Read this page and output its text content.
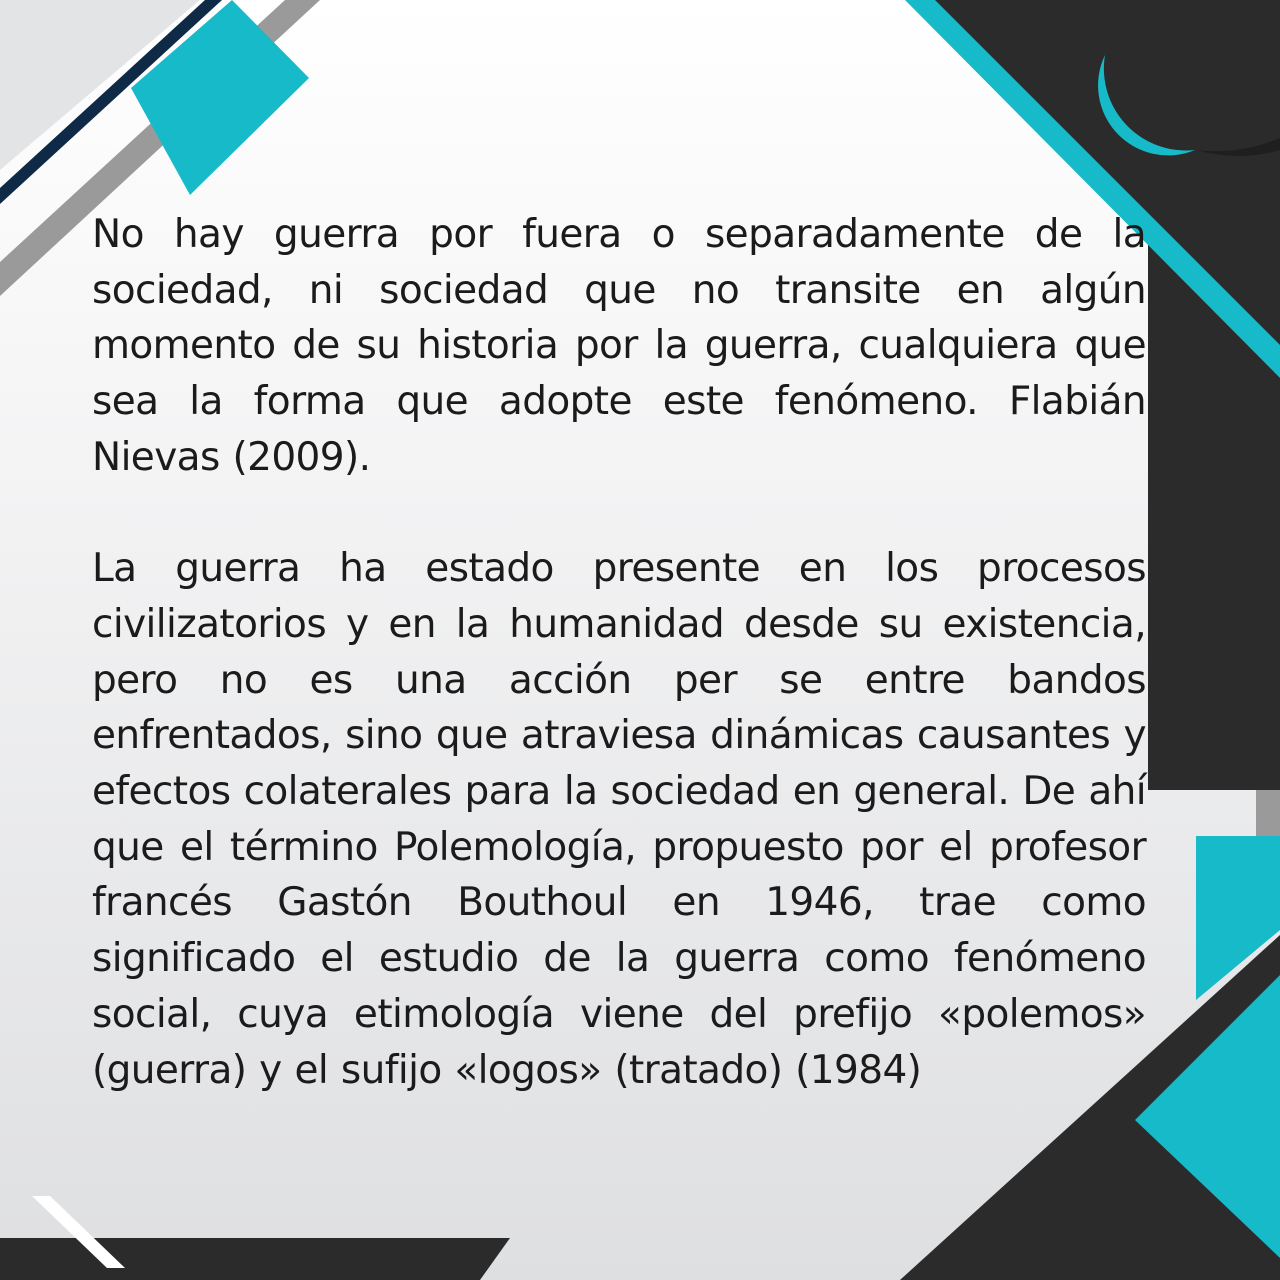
No hay guerra por fuera o separadamente de la sociedad, ni sociedad que no transite en algún momento de su historia por la guerra, cualquiera que sea la forma que adopte este fenómeno. Flabián Nievas (2009).

La guerra ha estado presente en los procesos civilizatorios y en la humanidad desde su existencia, pero no es una acción per se entre bandos enfrentados, sino que atraviesa dinámicas causantes y efectos colaterales para la sociedad en general. De ahí que el término Polemología, propuesto por el profesor francés Gastón Bouthoul en 1946, trae como significado el estudio de la guerra como fenómeno social, cuya etimología viene del prefijo «polemos» (guerra) y el sufijo «logos» (tratado) (1984)
